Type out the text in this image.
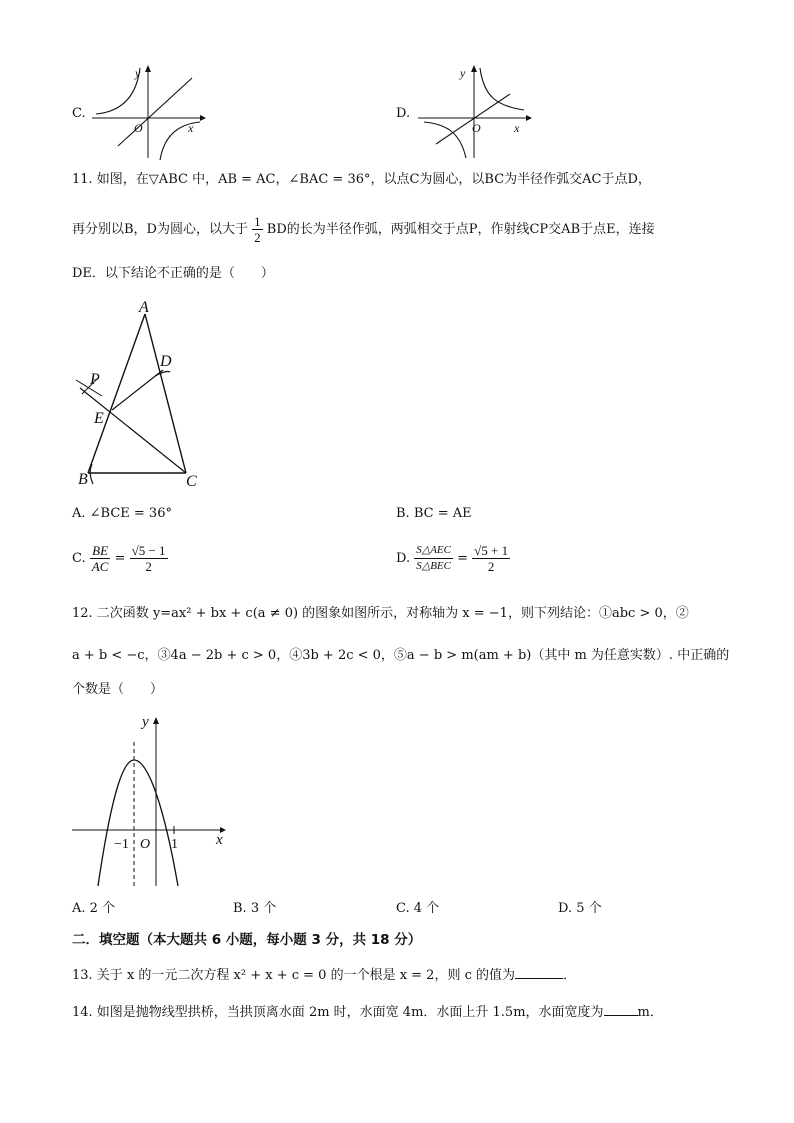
C.
y
O	x
D.
y
O	x
11. 如图，在▽ABC 中，AB = AC，∠BAC = 36°，以点C为圆心，以BC为半径作弧交AC于点D，
再分别以B，D为圆心，以大于 $\frac{1}{2}$ BD的长为半径作弧，两弧相交于点P，作射线CP交AB于点E，连接
DE．以下结论不正确的是（　　）
A
D
P
E
B	C
A. ∠BCE = 36°	B. BC = AE
C. $\frac{BE}{AC} = \frac{√5 - 1}{2}$	D. $\frac{\text{S△AEC}}{\text{S△BEC}} = \frac{√5 + 1}{2}$
12. 二次函数 y=ax² + bx + c(a ≠ 0) 的图象如图所示，对称轴为 x = −1，则下列结论：①abc > 0，②
a + b < −c，③4a − 2b + c > 0，④3b + 2c < 0，⑤a − b > m(am + b)（其中 m 为任意实数）. 中正确的
个数是（　　）
y
x
O
−1	1
A. 2 个	B. 3 个	C. 4 个	D. 5 个
二．填空题（本大题共 6 小题，每小题 3 分，共 18 分）
13. 关于 x 的一元二次方程 x² + x + c = 0 的一个根是 x = 2，则 c 的值为	．
14. 如图是抛物线型拱桥，当拱顶离水面 2m 时，水面宽 4m．水面上升 1.5m，水面宽度为	m．
